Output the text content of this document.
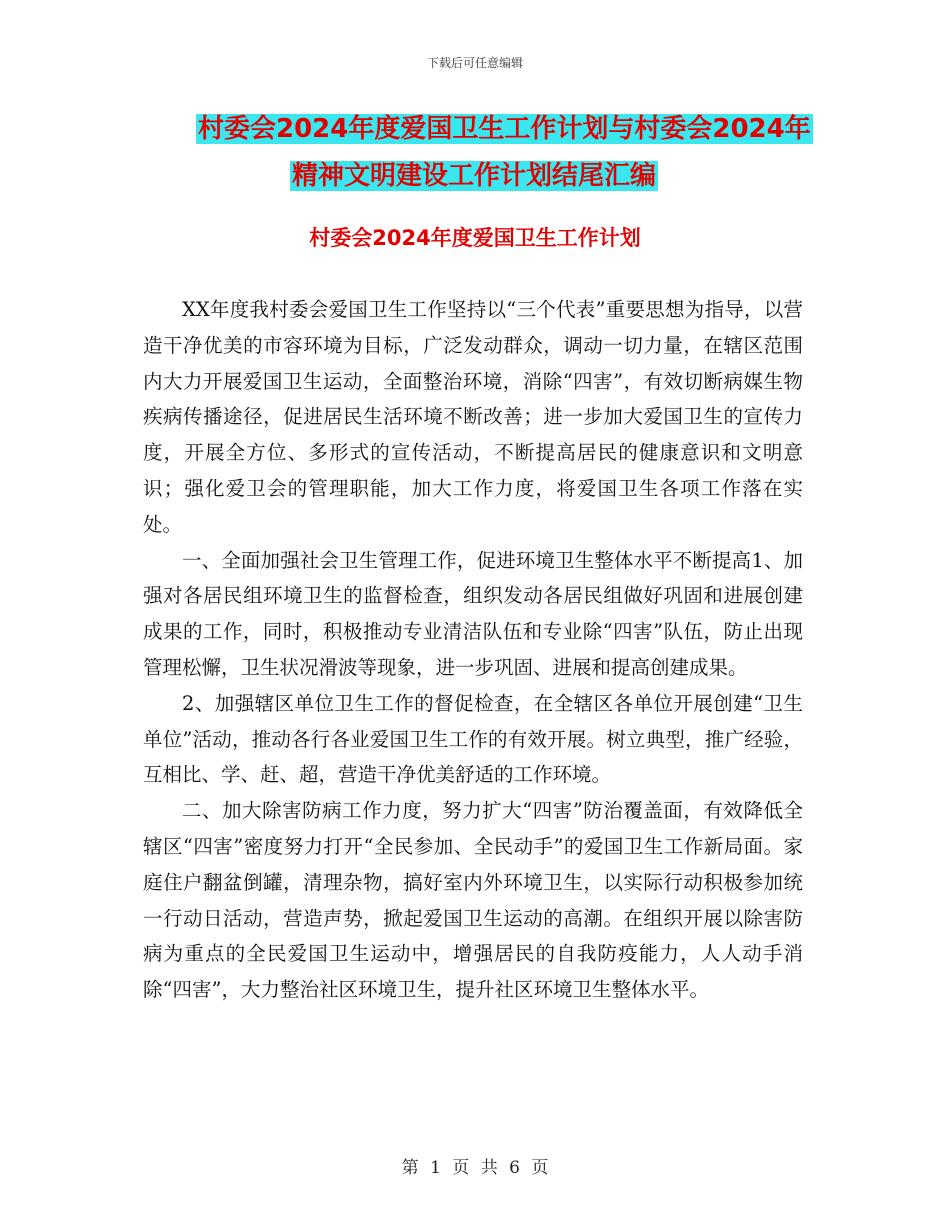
下载后可任意编辑
村委会2024年度爱国卫生工作计划与村委会2024年
精神文明建设工作计划结尾汇编
村委会2024年度爱国卫生工作计划

XX年度我村委会爱国卫生工作坚持以“三个代表”重要思想为指导，以营造干净优美的市容环境为目标，广泛发动群众，调动一切力量，在辖区范围内大力开展爱国卫生运动，全面整治环境，消除“四害”，有效切断病媒生物疾病传播途径，促进居民生活环境不断改善；进一步加大爱国卫生的宣传力度，开展全方位、多形式的宣传活动，不断提高居民的健康意识和文明意识；强化爱卫会的管理职能，加大工作力度，将爱国卫生各项工作落在实处。

一、全面加强社会卫生管理工作，促进环境卫生整体水平不断提高1、加强对各居民组环境卫生的监督检查，组织发动各居民组做好巩固和进展创建成果的工作，同时，积极推动专业清洁队伍和专业除“四害”队伍，防止出现管理松懈，卫生状况滑波等现象，进一步巩固、进展和提高创建成果。

2、加强辖区单位卫生工作的督促检查，在全辖区各单位开展创建“卫生单位”活动，推动各行各业爱国卫生工作的有效开展。树立典型，推广经验，互相比、学、赶、超，营造干净优美舒适的工作环境。

二、加大除害防病工作力度，努力扩大“四害”防治覆盖面，有效降低全辖区“四害”密度努力打开“全民参加、全民动手”的爱国卫生工作新局面。家庭住户翻盆倒罐，清理杂物，搞好室内外环境卫生，以实际行动积极参加统一行动日活动，营造声势，掀起爱国卫生运动的高潮。在组织开展以除害防病为重点的全民爱国卫生运动中，增强居民的自我防疫能力，人人动手消除“四害”，大力整治社区环境卫生，提升社区环境卫生整体水平。

第 1 页 共 6 页
